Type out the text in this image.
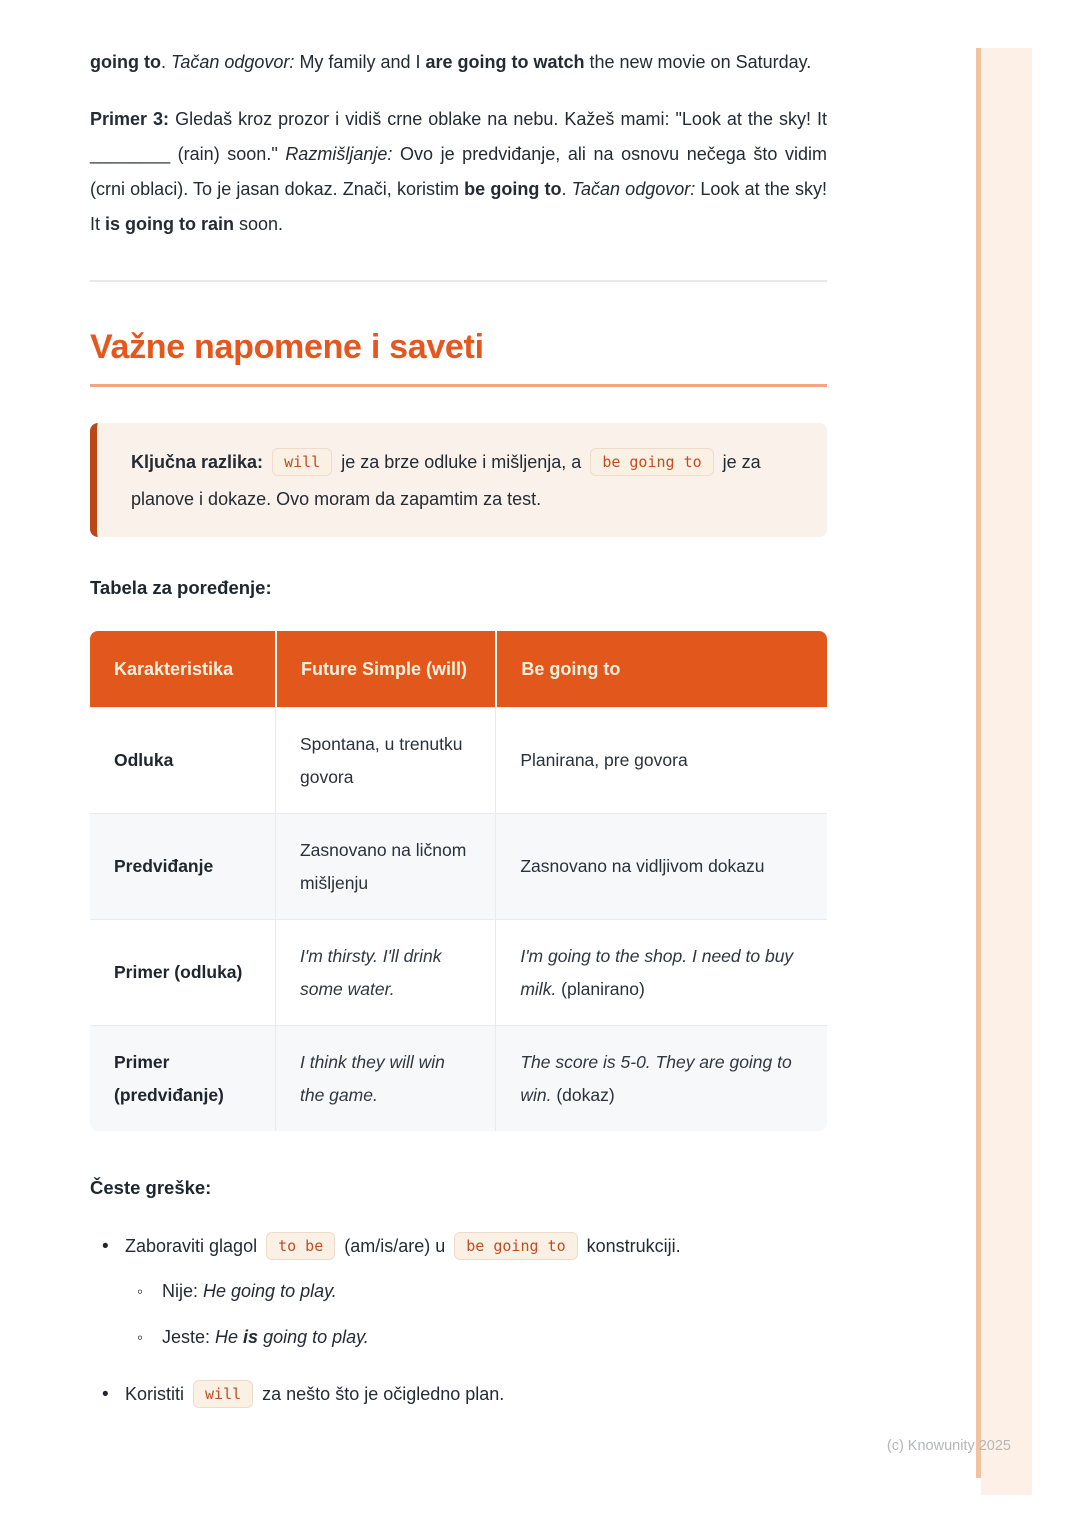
going to. Tačan odgovor: My family and I are going to watch the new movie on Saturday.

Primer 3: Gledaš kroz prozor i vidiš crne oblake na nebu. Kažeš mami: "Look at the sky! It ________ (rain) soon." Razmišljanje: Ovo je predviđanje, ali na osnovu nečega što vidim (crni oblaci). To je jasan dokaz. Znači, koristim be going to. Tačan odgovor: Look at the sky! It is going to rain soon.

Važne napomene i saveti
Ključna razlika: will je za brze odluke i mišljenja, a be going to je za planove i dokaze. Ovo moram da zapamtim za test.

Tabela za poređenje:

Karakteristika	Future Simple (will)	Be going to
Odluka	Spontana, u trenutku govora	Planirana, pre govora
Predviđanje	Zasnovano na ličnom mišljenju	Zasnovano na vidljivom dokazu
Primer (odluka)	I'm thirsty. I'll drink some water.	I'm going to the shop. I need to buy milk. (planirano)
Primer (predviđanje)	I think they will win the game.	The score is 5-0. They are going to win. (dokaz)

Česte greške:

• Zaboraviti glagol to be (am/is/are) u be going to konstrukciji.
◦ Nije: He going to play.
◦ Jeste: He is going to play.
• Koristiti will za nešto što je očigledno plan.
(c) Knowunity 2025
